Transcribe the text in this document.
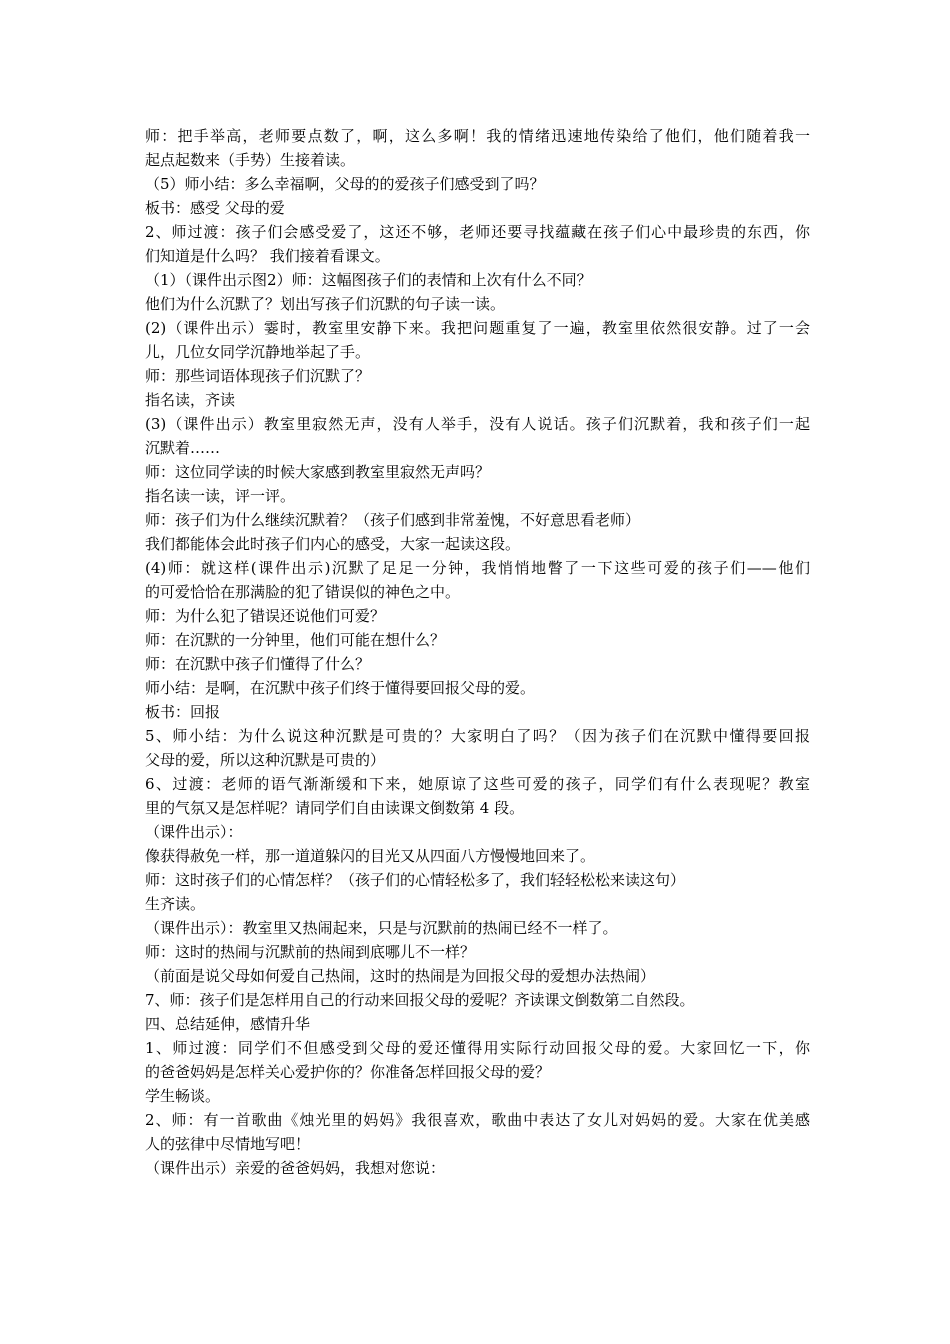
师：把手举高，老师要点数了，啊，这么多啊！我的情绪迅速地传染给了他们，他们随着我一
起点起数来（手势）生接着读。
（5）师小结：多么幸福啊，父母的的爱孩子们感受到了吗？
板书：感受 父母的爱
2、师过渡：孩子们会感受爱了，这还不够，老师还要寻找蕴藏在孩子们心中最珍贵的东西，你
们知道是什么吗？ 我们接着看课文。
（1）（课件出示图2）师：这幅图孩子们的表情和上次有什么不同？
他们为什么沉默了？划出写孩子们沉默的句子读一读。
(2)（课件出示）霎时，教室里安静下来。我把问题重复了一遍，教室里依然很安静。过了一会
儿，几位女同学沉静地举起了手。
师：那些词语体现孩子们沉默了？
指名读，齐读
(3)（课件出示）教室里寂然无声，没有人举手，没有人说话。孩子们沉默着，我和孩子们一起
沉默着……
师：这位同学读的时候大家感到教室里寂然无声吗？
指名读一读，评一评。
师：孩子们为什么继续沉默着？（孩子们感到非常羞愧，不好意思看老师）
我们都能体会此时孩子们内心的感受，大家一起读这段。
(4)师：就这样(课件出示)沉默了足足一分钟，我悄悄地瞥了一下这些可爱的孩子们——他们
的可爱恰恰在那满脸的犯了错误似的神色之中。
师：为什么犯了错误还说他们可爱？
师：在沉默的一分钟里，他们可能在想什么？
师：在沉默中孩子们懂得了什么？
师小结：是啊，在沉默中孩子们终于懂得要回报父母的爱。
板书：回报
5、师小结：为什么说这种沉默是可贵的？大家明白了吗？（因为孩子们在沉默中懂得要回报
父母的爱，所以这种沉默是可贵的）
6、过渡：老师的语气渐渐缓和下来，她原谅了这些可爱的孩子，同学们有什么表现呢？教室
里的气氛又是怎样呢？请同学们自由读课文倒数第 4 段。
（课件出示）：
像获得赦免一样，那一道道躲闪的目光又从四面八方慢慢地回来了。
师：这时孩子们的心情怎样？（孩子们的心情轻松多了，我们轻轻松松来读这句）
生齐读。
（课件出示）：教室里又热闹起来，只是与沉默前的热闹已经不一样了。
师：这时的热闹与沉默前的热闹到底哪儿不一样？
（前面是说父母如何爱自己热闹，这时的热闹是为回报父母的爱想办法热闹）
7、师：孩子们是怎样用自己的行动来回报父母的爱呢？齐读课文倒数第二自然段。
四、总结延伸，感情升华
1、师过渡：同学们不但感受到父母的爱还懂得用实际行动回报父母的爱。大家回忆一下，你
的爸爸妈妈是怎样关心爱护你的？你准备怎样回报父母的爱？
学生畅谈。
2、师：有一首歌曲《烛光里的妈妈》我很喜欢，歌曲中表达了女儿对妈妈的爱。大家在优美感
人的弦律中尽情地写吧！
（课件出示）亲爱的爸爸妈妈，我想对您说：
